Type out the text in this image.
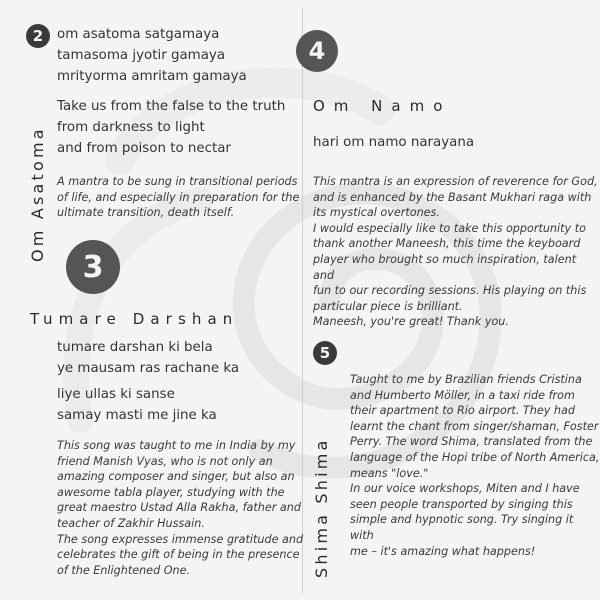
2
Om Asatoma
om asatoma satgamaya
tamasoma jyotir gamaya
mrityorma amritam gamaya
Take us from the false to the truth
from darkness to light
and from poison to nectar

A mantra to be sung in transitional periods

of life, and especially in preparation for the

ultimate transition, death itself.

3
Tumare Darshan
tumare darshan ki bela
ye mausam ras rachane ka
liye ullas ki sanse
samay masti me jine ka

This song was taught to me in India by my

friend Manish Vyas, who is not only an

amazing composer and singer, but also an

awesome tabla player, studying with the

great maestro Ustad Alla Rakha, father and

teacher of Zakhir Hussain.

The song expresses immense gratitude and

celebrates the gift of being in the presence

of the Enlightened One.

4
Om Namo
hari om namo narayana

This mantra is an expression of reverence for God,

and is enhanced by the Basant Mukhari raga with

its mystical overtones.

I would especially like to take this opportunity to

thank another Maneesh, this time the keyboard

player who brought so much inspiration, talent and

fun to our recording sessions. His playing on this

particular piece is brilliant.

Maneesh, you're great! Thank you.

5
Shima Shima

Taught to me by Brazilian friends Cristina

and Humberto Möller, in a taxi ride from

their apartment to Rio airport. They had

learnt the chant from singer/shaman, Foster

Perry. The word Shima, translated from the

language of the Hopi tribe of North America,

means "love."

In our voice workshops, Miten and I have

seen people transported by singing this

simple and hypnotic song. Try singing it with

me – it's amazing what happens!
